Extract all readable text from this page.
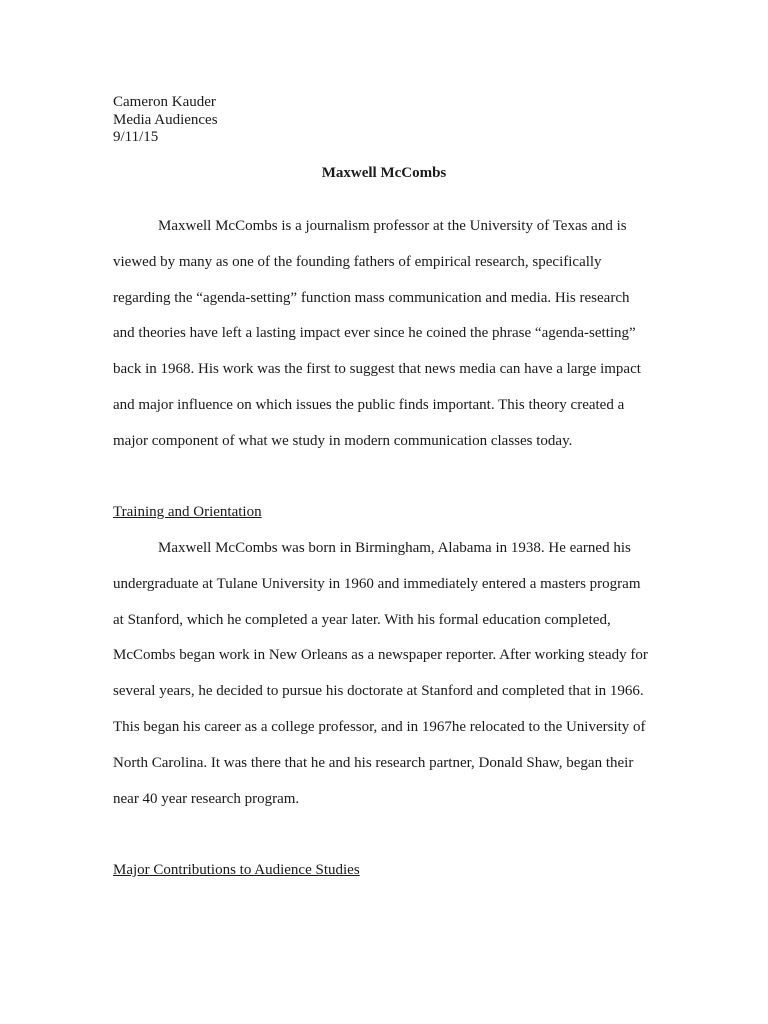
Cameron Kauder
Media Audiences
9/11/15
Maxwell McCombs
Maxwell McCombs is a journalism professor at the University of Texas and is
viewed by many as one of the founding fathers of empirical research, specifically
regarding the “agenda-setting” function mass communication and media. His research
and theories have left a lasting impact ever since he coined the phrase “agenda-setting”
back in 1968. His work was the first to suggest that news media can have a large impact
and major influence on which issues the public finds important. This theory created a
major component of what we study in modern communication classes today.
Training and Orientation
Maxwell McCombs was born in Birmingham, Alabama in 1938. He earned his
undergraduate at Tulane University in 1960 and immediately entered a masters program
at Stanford, which he completed a year later. With his formal education completed,
McCombs began work in New Orleans as a newspaper reporter. After working steady for
several years, he decided to pursue his doctorate at Stanford and completed that in 1966.
This began his career as a college professor, and in 1967he relocated to the University of
North Carolina. It was there that he and his research partner, Donald Shaw, began their
near 40 year research program.
Major Contributions to Audience Studies
